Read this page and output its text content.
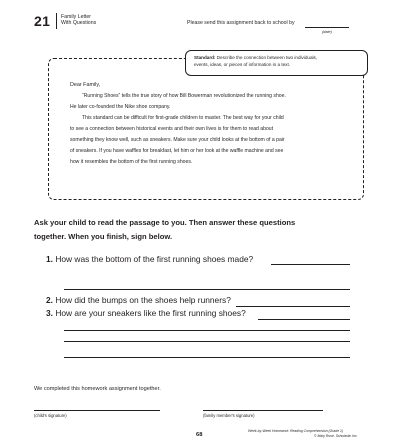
21 Family Letter
With Questions	Please send this assignment back to school by
(date)
Standard: Describe the connection between two individuals,
events, ideas, or pieces of information in a text.
Dear Family,
“Running Shoes” tells the true story of how Bill Bowerman revolutionized the running shoe.
He later co-founded the Nike shoe company.
This standard can be difficult for first-grade children to master. The best way for your child
to see a connection between historical events and their own lives is for them to read about
something they know well, such as sneakers. Make sure your child looks at the bottom of a pair
of sneakers. If you have waffles for breakfast, let him or her look at the waffle machine and see
how it resembles the bottom of the first running shoes.
Ask your child to read the passage to you. Then answer these questions
together. When you finish, sign below.
1. How was the bottom of the first running shoes made?
2. How did the bumps on the shoes help runners?
3. How are your sneakers like the first running shoes?
We completed this homework assignment together.
(child's signature)	(family member's signature)
68
Week-by-Week Homework: Reading Comprehension (Grade 1)
© Mary Rose, Scholastic Inc.
